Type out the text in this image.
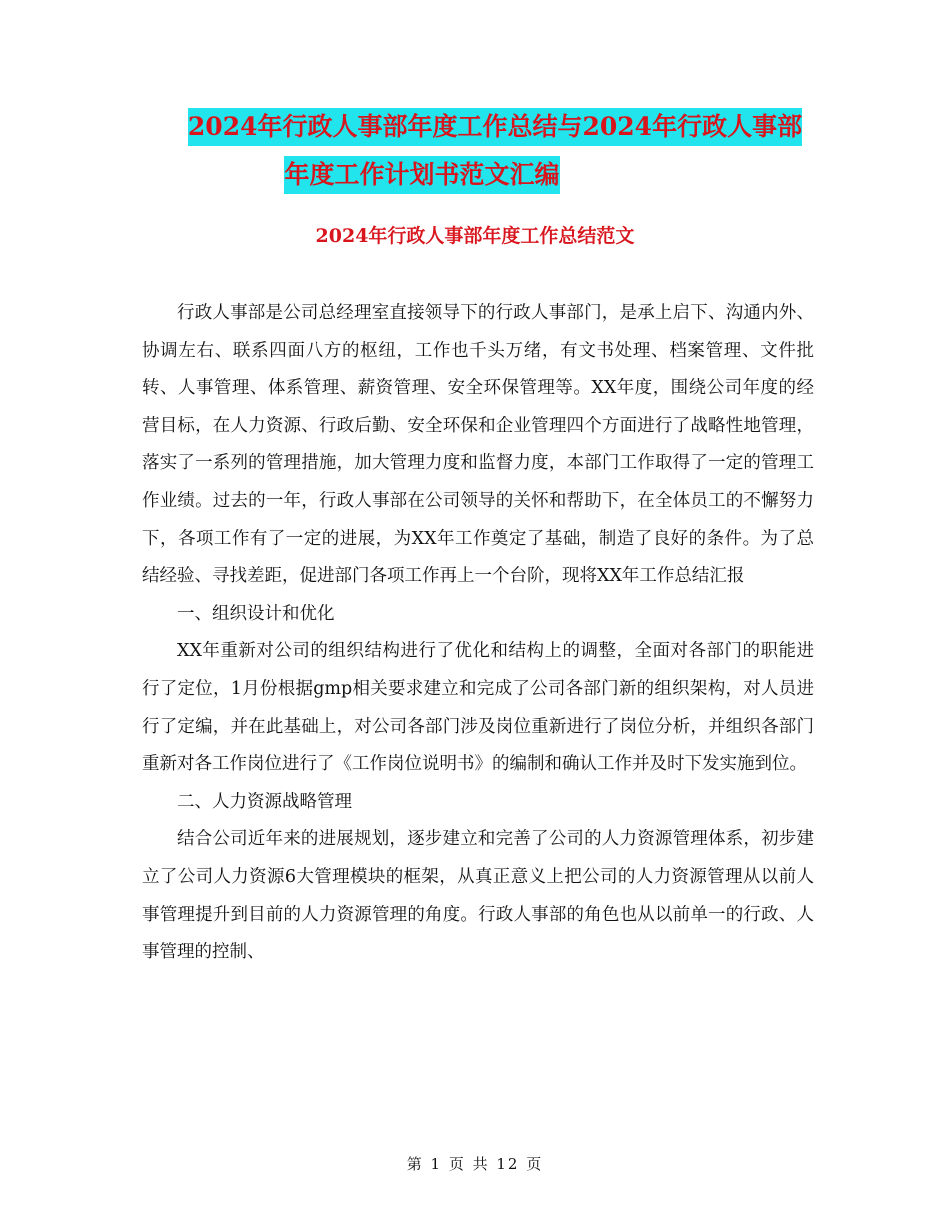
2024年行政人事部年度工作总结与2024年行政人事部
年度工作计划书范文汇编
2024年行政人事部年度工作总结范文

行政人事部是公司总经理室直接领导下的行政人事部门，是承上启下、沟通内外、协调左右、联系四面八方的枢纽，工作也千头万绪，有文书处理、档案管理、文件批转、人事管理、体系管理、薪资管理、安全环保管理等。XX年度，围绕公司年度的经营目标，在人力资源、行政后勤、安全环保和企业管理四个方面进行了战略性地管理，落实了一系列的管理措施，加大管理力度和监督力度，本部门工作取得了一定的管理工作业绩。过去的一年，行政人事部在公司领导的关怀和帮助下，在全体员工的不懈努力下，各项工作有了一定的进展，为XX年工作奠定了基础，制造了良好的条件。为了总结经验、寻找差距，促进部门各项工作再上一个台阶，现将XX年工作总结汇报

一、组织设计和优化

XX年重新对公司的组织结构进行了优化和结构上的调整，全面对各部门的职能进行了定位，1月份根据gmp相关要求建立和完成了公司各部门新的组织架构，对人员进行了定编，并在此基础上，对公司各部门涉及岗位重新进行了岗位分析，并组织各部门重新对各工作岗位进行了《工作岗位说明书》的编制和确认工作并及时下发实施到位。

二、人力资源战略管理

结合公司近年来的进展规划，逐步建立和完善了公司的人力资源管理体系，初步建立了公司人力资源6大管理模块的框架，从真正意义上把公司的人力资源管理从以前人事管理提升到目前的人力资源管理的角度。行政人事部的角色也从以前单一的行政、人事管理的控制、

第 1 页 共 12 页
